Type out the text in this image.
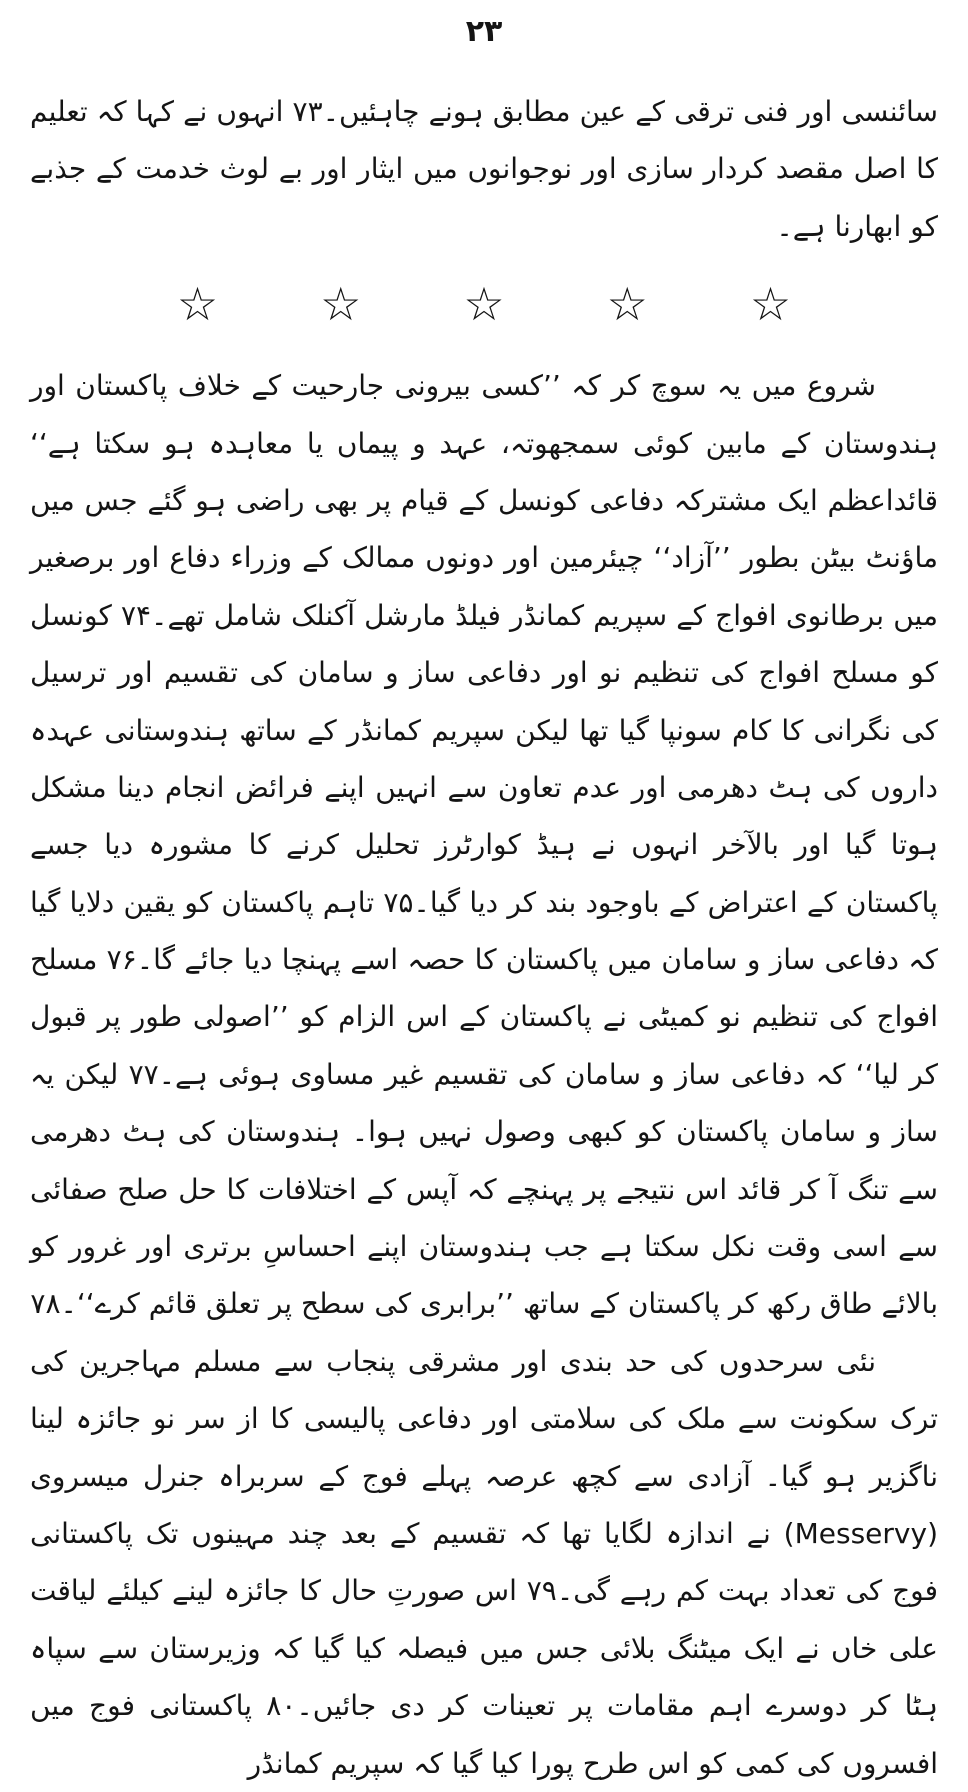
۲۳

سائنسی اور فنی ترقی کے عین مطابق ہونے چاہئیں۔۷۳ انہوں نے کہا کہ تعلیم کا اصل مقصد کردار سازی اور نوجوانوں میں ایثار اور بے لوث خدمت کے جذبے کو ابھارنا ہے۔

☆
☆
☆
☆
☆

شروع میں یہ سوچ کر کہ ’’کسی بیرونی جارحیت کے خلاف پاکستان اور ہندوستان کے مابین کوئی سمجھوتہ، عہد و پیماں یا معاہدہ ہو سکتا ہے‘‘ قائداعظم ایک مشترکہ دفاعی کونسل کے قیام پر بھی راضی ہو گئے جس میں ماؤنٹ بیٹن بطور ’’آزاد‘‘ چیئرمین اور دونوں ممالک کے وزراء دفاع اور برصغیر میں برطانوی افواج کے سپریم کمانڈر فیلڈ مارشل آکنلک شامل تھے۔۷۴ کونسل کو مسلح افواج کی تنظیم نو اور دفاعی ساز و سامان کی تقسیم اور ترسیل کی نگرانی کا کام سونپا گیا تھا لیکن سپریم کمانڈر کے ساتھ ہندوستانی عہدہ داروں کی ہٹ دھرمی اور عدم تعاون سے انہیں اپنے فرائض انجام دینا مشکل ہوتا گیا اور بالآخر انہوں نے ہیڈ کوارٹرز تحلیل کرنے کا مشورہ دیا جسے پاکستان کے اعتراض کے باوجود بند کر دیا گیا۔۷۵ تاہم پاکستان کو یقین دلایا گیا کہ دفاعی ساز و سامان میں پاکستان کا حصہ اسے پہنچا دیا جائے گا۔۷۶ مسلح افواج کی تنظیم نو کمیٹی نے پاکستان کے اس الزام کو ’’اصولی طور پر قبول کر لیا‘‘ کہ دفاعی ساز و سامان کی تقسیم غیر مساوی ہوئی ہے۔۷۷ لیکن یہ ساز و سامان پاکستان کو کبھی وصول نہیں ہوا۔ ہندوستان کی ہٹ دھرمی سے تنگ آ کر قائد اس نتیجے پر پہنچے کہ آپس کے اختلافات کا حل صلح صفائی سے اسی وقت نکل سکتا ہے جب ہندوستان اپنے احساسِ برتری اور غرور کو بالائے طاق رکھ کر پاکستان کے ساتھ ’’برابری کی سطح پر تعلق قائم کرے‘‘۔۷۸

نئی سرحدوں کی حد بندی اور مشرقی پنجاب سے مسلم مہاجرین کی ترک سکونت سے ملک کی سلامتی اور دفاعی پالیسی کا از سر نو جائزہ لینا ناگزیر ہو گیا۔ آزادی سے کچھ عرصہ پہلے فوج کے سربراہ جنرل میسروی (Messervy) نے اندازہ لگایا تھا کہ تقسیم کے بعد چند مہینوں تک پاکستانی فوج کی تعداد بہت کم رہے گی۔۷۹ اس صورتِ حال کا جائزہ لینے کیلئے لیاقت علی خاں نے ایک میٹنگ بلائی جس میں فیصلہ کیا گیا کہ وزیرستان سے سپاہ ہٹا کر دوسرے اہم مقامات پر تعینات کر دی جائیں۔۸۰ پاکستانی فوج میں افسروں کی کمی کو اس طرح پورا کیا گیا کہ سپریم کمانڈر
